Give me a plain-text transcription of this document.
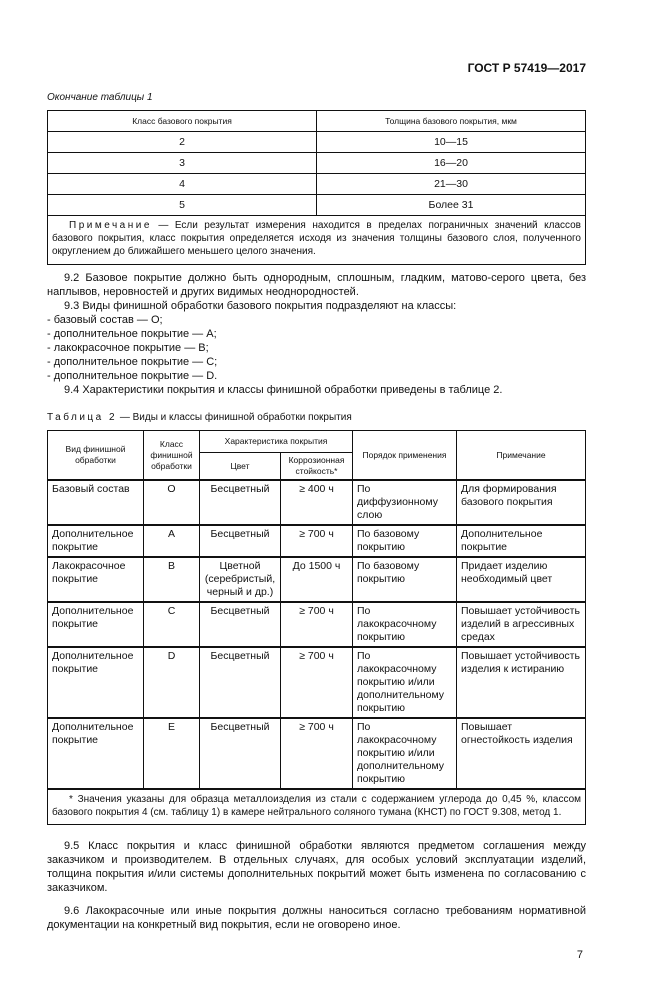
ГОСТ Р 57419—2017
Окончание таблицы 1
Класс базового покрытия	Толщина базового покрытия, мкм
2	10—15
3	16—20
4	21—30
5	Более 31

Примечание — Если результат измерения находится в пределах пограничных значений классов базового покрытия, класс покрытия определяется исходя из значения толщины базового слоя, полученного округлением до ближайшего меньшего целого значения.	
9.2 Базовое покрытие должно быть однородным, сплошным, гладким, матово-серого цвета, без наплывов, неровностей и других видимых неоднородностей.
9.3 Виды финишной обработки базового покрытия подразделяют на классы:
- базовый состав — О;
- дополнительное покрытие — А;
- лакокрасочное покрытие — В;
- дополнительное покрытие — С;
- дополнительное покрытие — D.
9.4 Характеристики покрытия и классы финишной обработки приведены в таблице 2.
Таблица 2 — Виды и классы финишной обработки покрытия
Вид финишной обработки	Класс финишной обработки	Характеристика покрытия		Порядок применения	Примечание
		Цвет	Коррозионная стойкость*		
Базовый состав	О	Бесцветный	≥ 400 ч	По диффузионному слою	Для формирования базового покрытия
Дополнительное покрытие	А	Бесцветный	≥ 700 ч	По базовому покрытию	Дополнительное покрытие
Лакокрасочное покрытие	В	Цветной (серебристый, черный и др.)	До 1500 ч	По базовому покрытию	Придает изделию необходимый цвет
Дополнительное покрытие	С	Бесцветный	≥ 700 ч	По лакокрасочному покрытию	Повышает устойчивость изделий в агрессивных средах
Дополнительное покрытие	D	Бесцветный	≥ 700 ч	По лакокрасочному покрытию и/или дополнительному покрытию	Повышает устойчивость изделия к истиранию
Дополнительное покрытие	E	Бесцветный	≥ 700 ч	По лакокрасочному покрытию и/или дополнительному покрытию	Повышает огнестойкость изделия
* Значения указаны для образца металлоизделия из стали с содержанием углерода до 0,45 %, классом базового покрытия 4 (см. таблицу 1) в камере нейтрального соляного тумана (КНСТ) по ГОСТ 9.308, метод 1.					
9.5 Класс покрытия и класс финишной обработки являются предметом соглашения между заказчиком и производителем. В отдельных случаях, для особых условий эксплуатации изделий, толщина покрытия и/или системы дополнительных покрытий может быть изменена по согласованию с заказчиком.
9.6 Лакокрасочные или иные покрытия должны наноситься согласно требованиям нормативной документации на конкретный вид покрытия, если не оговорено иное.
7
